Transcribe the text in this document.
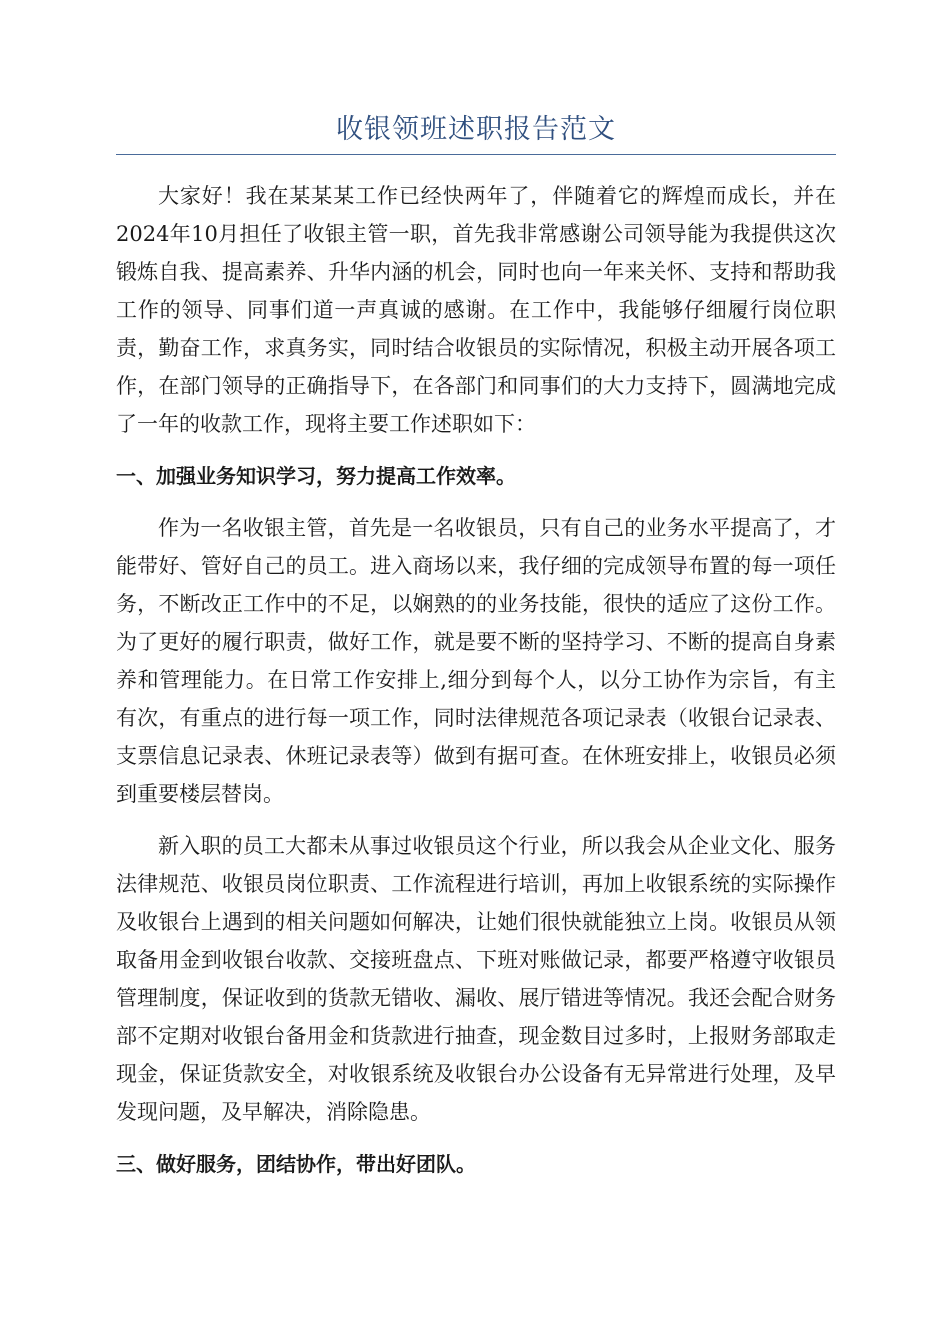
收银领班述职报告范文

大家好！我在某某某工作已经快两年了，伴随着它的辉煌而成长，并在2024年10月担任了收银主管一职，首先我非常感谢公司领导能为我提供这次锻炼自我、提高素养、升华内涵的机会，同时也向一年来关怀、支持和帮助我工作的领导、同事们道一声真诚的感谢。在工作中，我能够仔细履行岗位职责，勤奋工作，求真务实，同时结合收银员的实际情况，积极主动开展各项工作，在部门领导的正确指导下，在各部门和同事们的大力支持下，圆满地完成了一年的收款工作，现将主要工作述职如下：

一、加强业务知识学习，努力提高工作效率。

作为一名收银主管，首先是一名收银员，只有自己的业务水平提高了，才能带好、管好自己的员工。进入商场以来，我仔细的完成领导布置的每一项任务，不断改正工作中的不足，以娴熟的的业务技能，很快的适应了这份工作。为了更好的履行职责，做好工作，就是要不断的坚持学习、不断的提高自身素养和管理能力。在日常工作安排上,细分到每个人，以分工协作为宗旨，有主有次，有重点的进行每一项工作，同时法律规范各项记录表（收银台记录表、支票信息记录表、休班记录表等）做到有据可查。在休班安排上，收银员必须到重要楼层替岗。

新入职的员工大都未从事过收银员这个行业，所以我会从企业文化、服务法律规范、收银员岗位职责、工作流程进行培训，再加上收银系统的实际操作及收银台上遇到的相关问题如何解决，让她们很快就能独立上岗。收银员从领取备用金到收银台收款、交接班盘点、下班对账做记录，都要严格遵守收银员管理制度，保证收到的货款无错收、漏收、展厅错进等情况。我还会配合财务部不定期对收银台备用金和货款进行抽查，现金数目过多时，上报财务部取走现金，保证货款安全，对收银系统及收银台办公设备有无异常进行处理，及早发现问题，及早解决，消除隐患。

三、做好服务，团结协作，带出好团队。
